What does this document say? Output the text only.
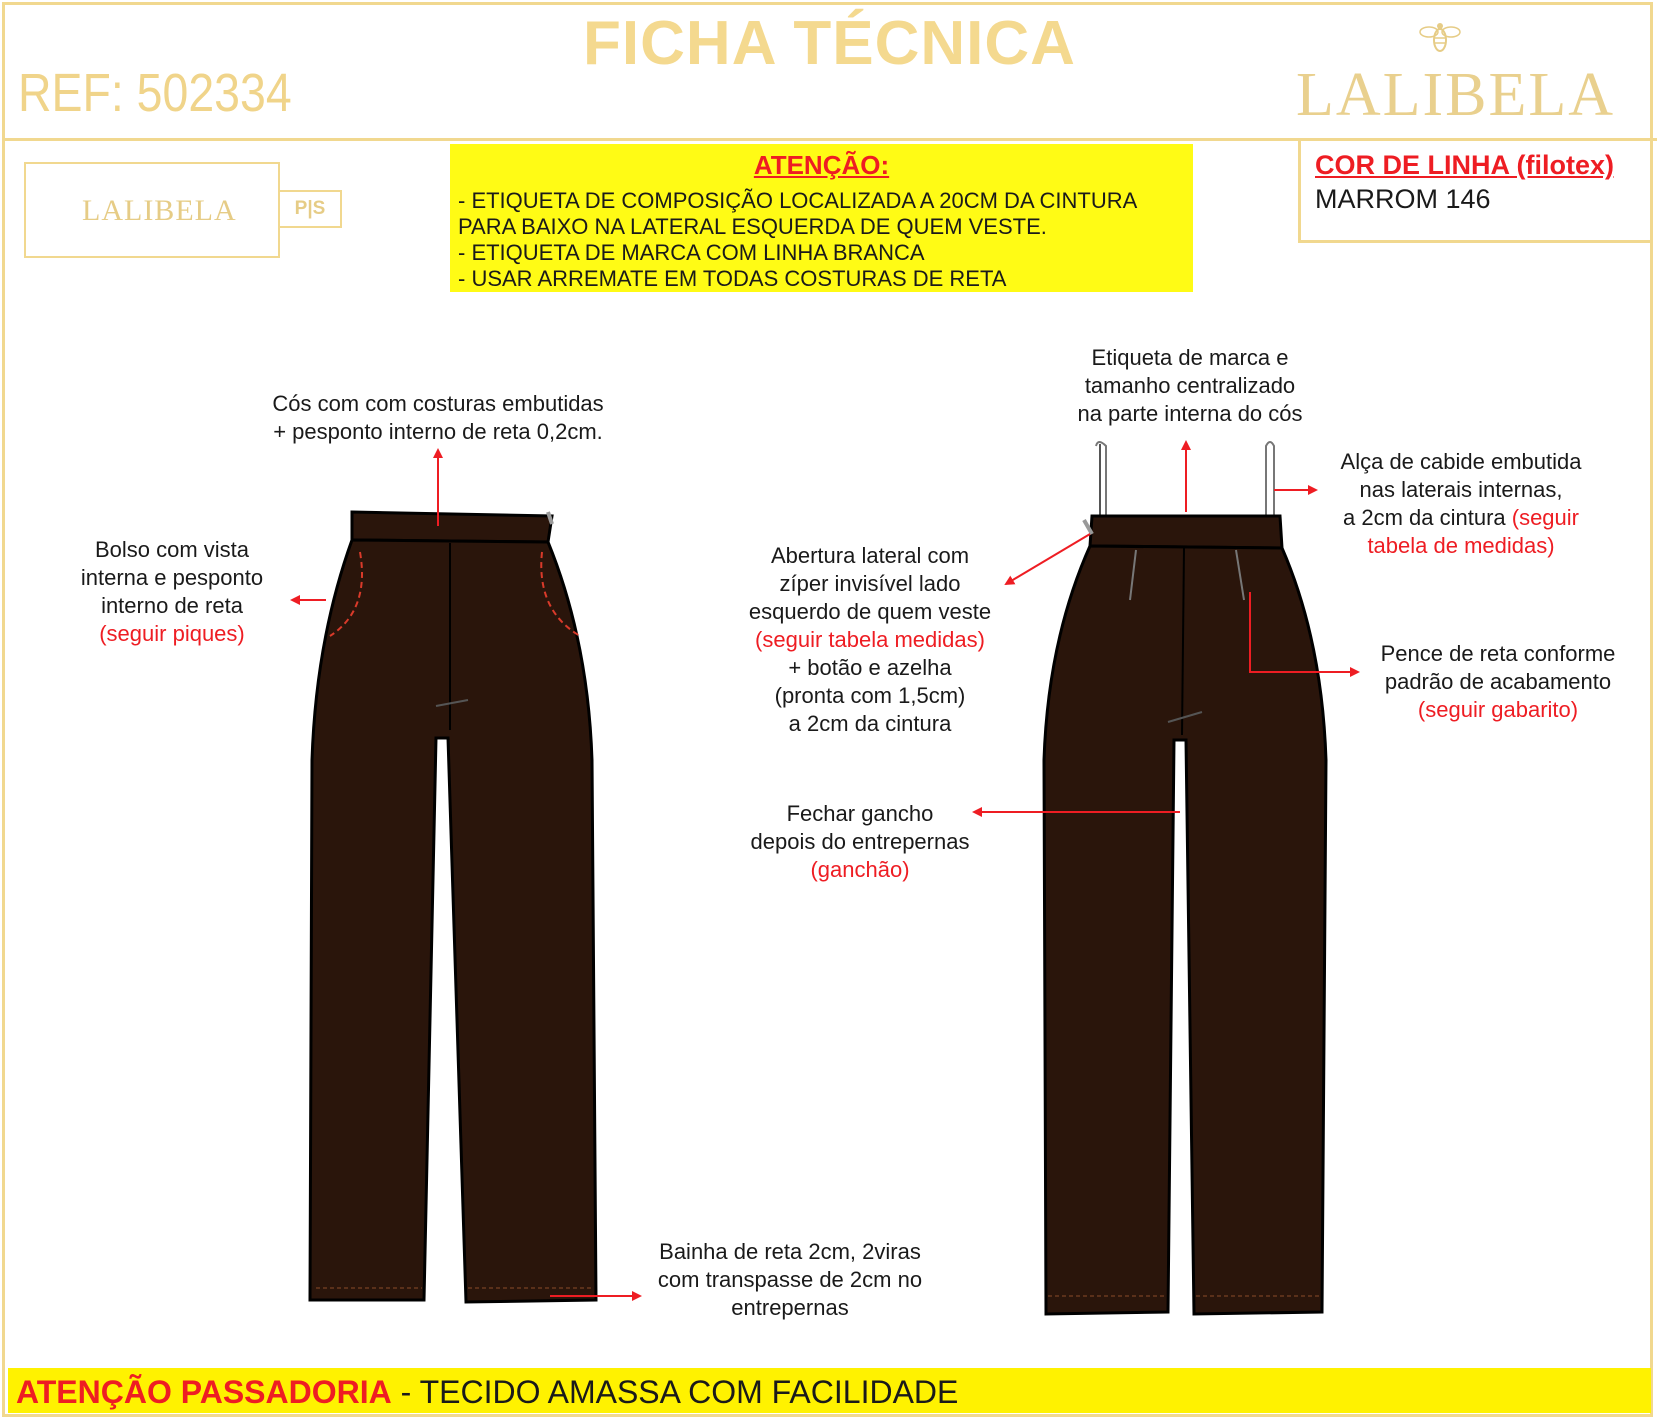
FICHA TÉCNICA
REF: 502334	LALIBELA
LALIBELA	P|S
ATENÇÃO:
- ETIQUETA DE COMPOSIÇÃO LOCALIZADA A 20CM DA CINTURA
PARA BAIXO NA LATERAL ESQUERDA DE QUEM VESTE.
- ETIQUETA DE MARCA COM LINHA BRANCA
- USAR ARREMATE EM TODAS COSTURAS DE RETA
COR DE LINHA (filotex)
MARROM 146
Cós com com costuras embutidas
+ pesponto interno de reta 0,2cm.
Bolso com vista
interna e pesponto
interno de reta
(seguir piques)
Bainha de reta 2cm, 2viras
com transpasse de 2cm no
entrepernas
Etiqueta de marca e
tamanho centralizado
na parte interna do cós
Alça de cabide embutida
nas laterais internas,
a 2cm da cintura (seguir
tabela de medidas)
Abertura lateral com
zíper invisível lado
esquerdo de quem veste
(seguir tabela medidas)
+ botão e azelha
(pronta com 1,5cm)
a 2cm da cintura
Pence de reta conforme
padrão de acabamento
(seguir gabarito)
Fechar gancho
depois do entrepernas
(ganchão)
ATENÇÃO PASSADORIA - TECIDO AMASSA COM FACILIDADE
